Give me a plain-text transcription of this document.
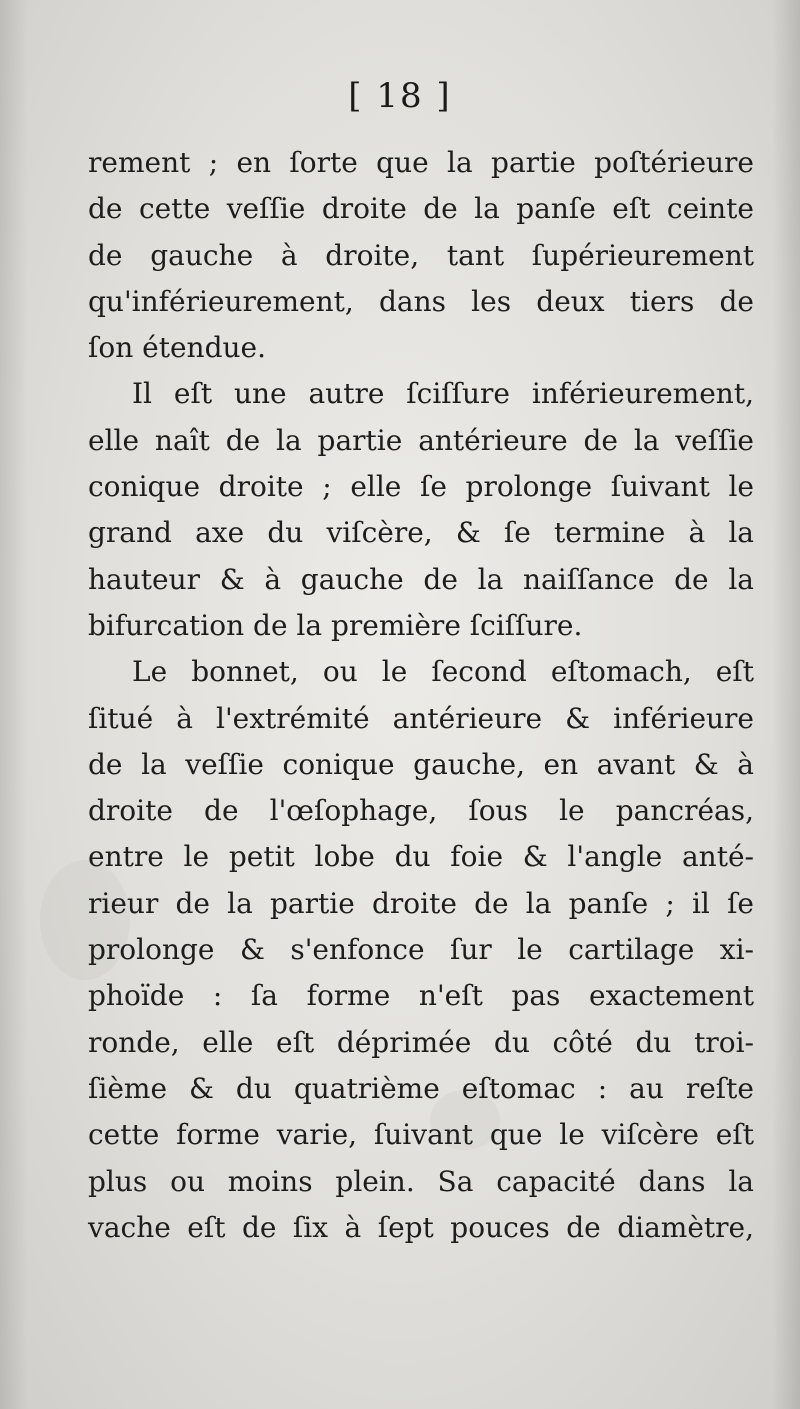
[ 18 ]
rement ; en ſorte que la partie poſtérieure
de cette veſſie droite de la panſe eſt ceinte
de gauche à droite, tant ſupérieurement
qu'inférieurement, dans les deux tiers de
ſon étendue.
Il eſt une autre ſciſſure inférieurement,
elle naît de la partie antérieure de la veſſie
conique droite ; elle ſe prolonge ſuivant le
grand axe du viſcère, & ſe termine à la
hauteur & à gauche de la naiſſance de la
bifurcation de la première ſciſſure.
Le bonnet, ou le ſecond eſtomach, eſt
ſitué à l'extrémité antérieure & inférieure
de la veſſie conique gauche, en avant & à
droite de l'œſophage, ſous le pancréas,
entre le petit lobe du foie & l'angle anté-
rieur de la partie droite de la panſe ; il ſe
prolonge & s'enfonce ſur le cartilage xi-
phoïde : ſa forme n'eſt pas exactement
ronde, elle eſt déprimée du côté du troi-
ſième & du quatrième eſtomac : au reſte
cette forme varie, ſuivant que le viſcère eſt
plus ou moins plein. Sa capacité dans la
vache eſt de ſix à ſept pouces de diamètre,
